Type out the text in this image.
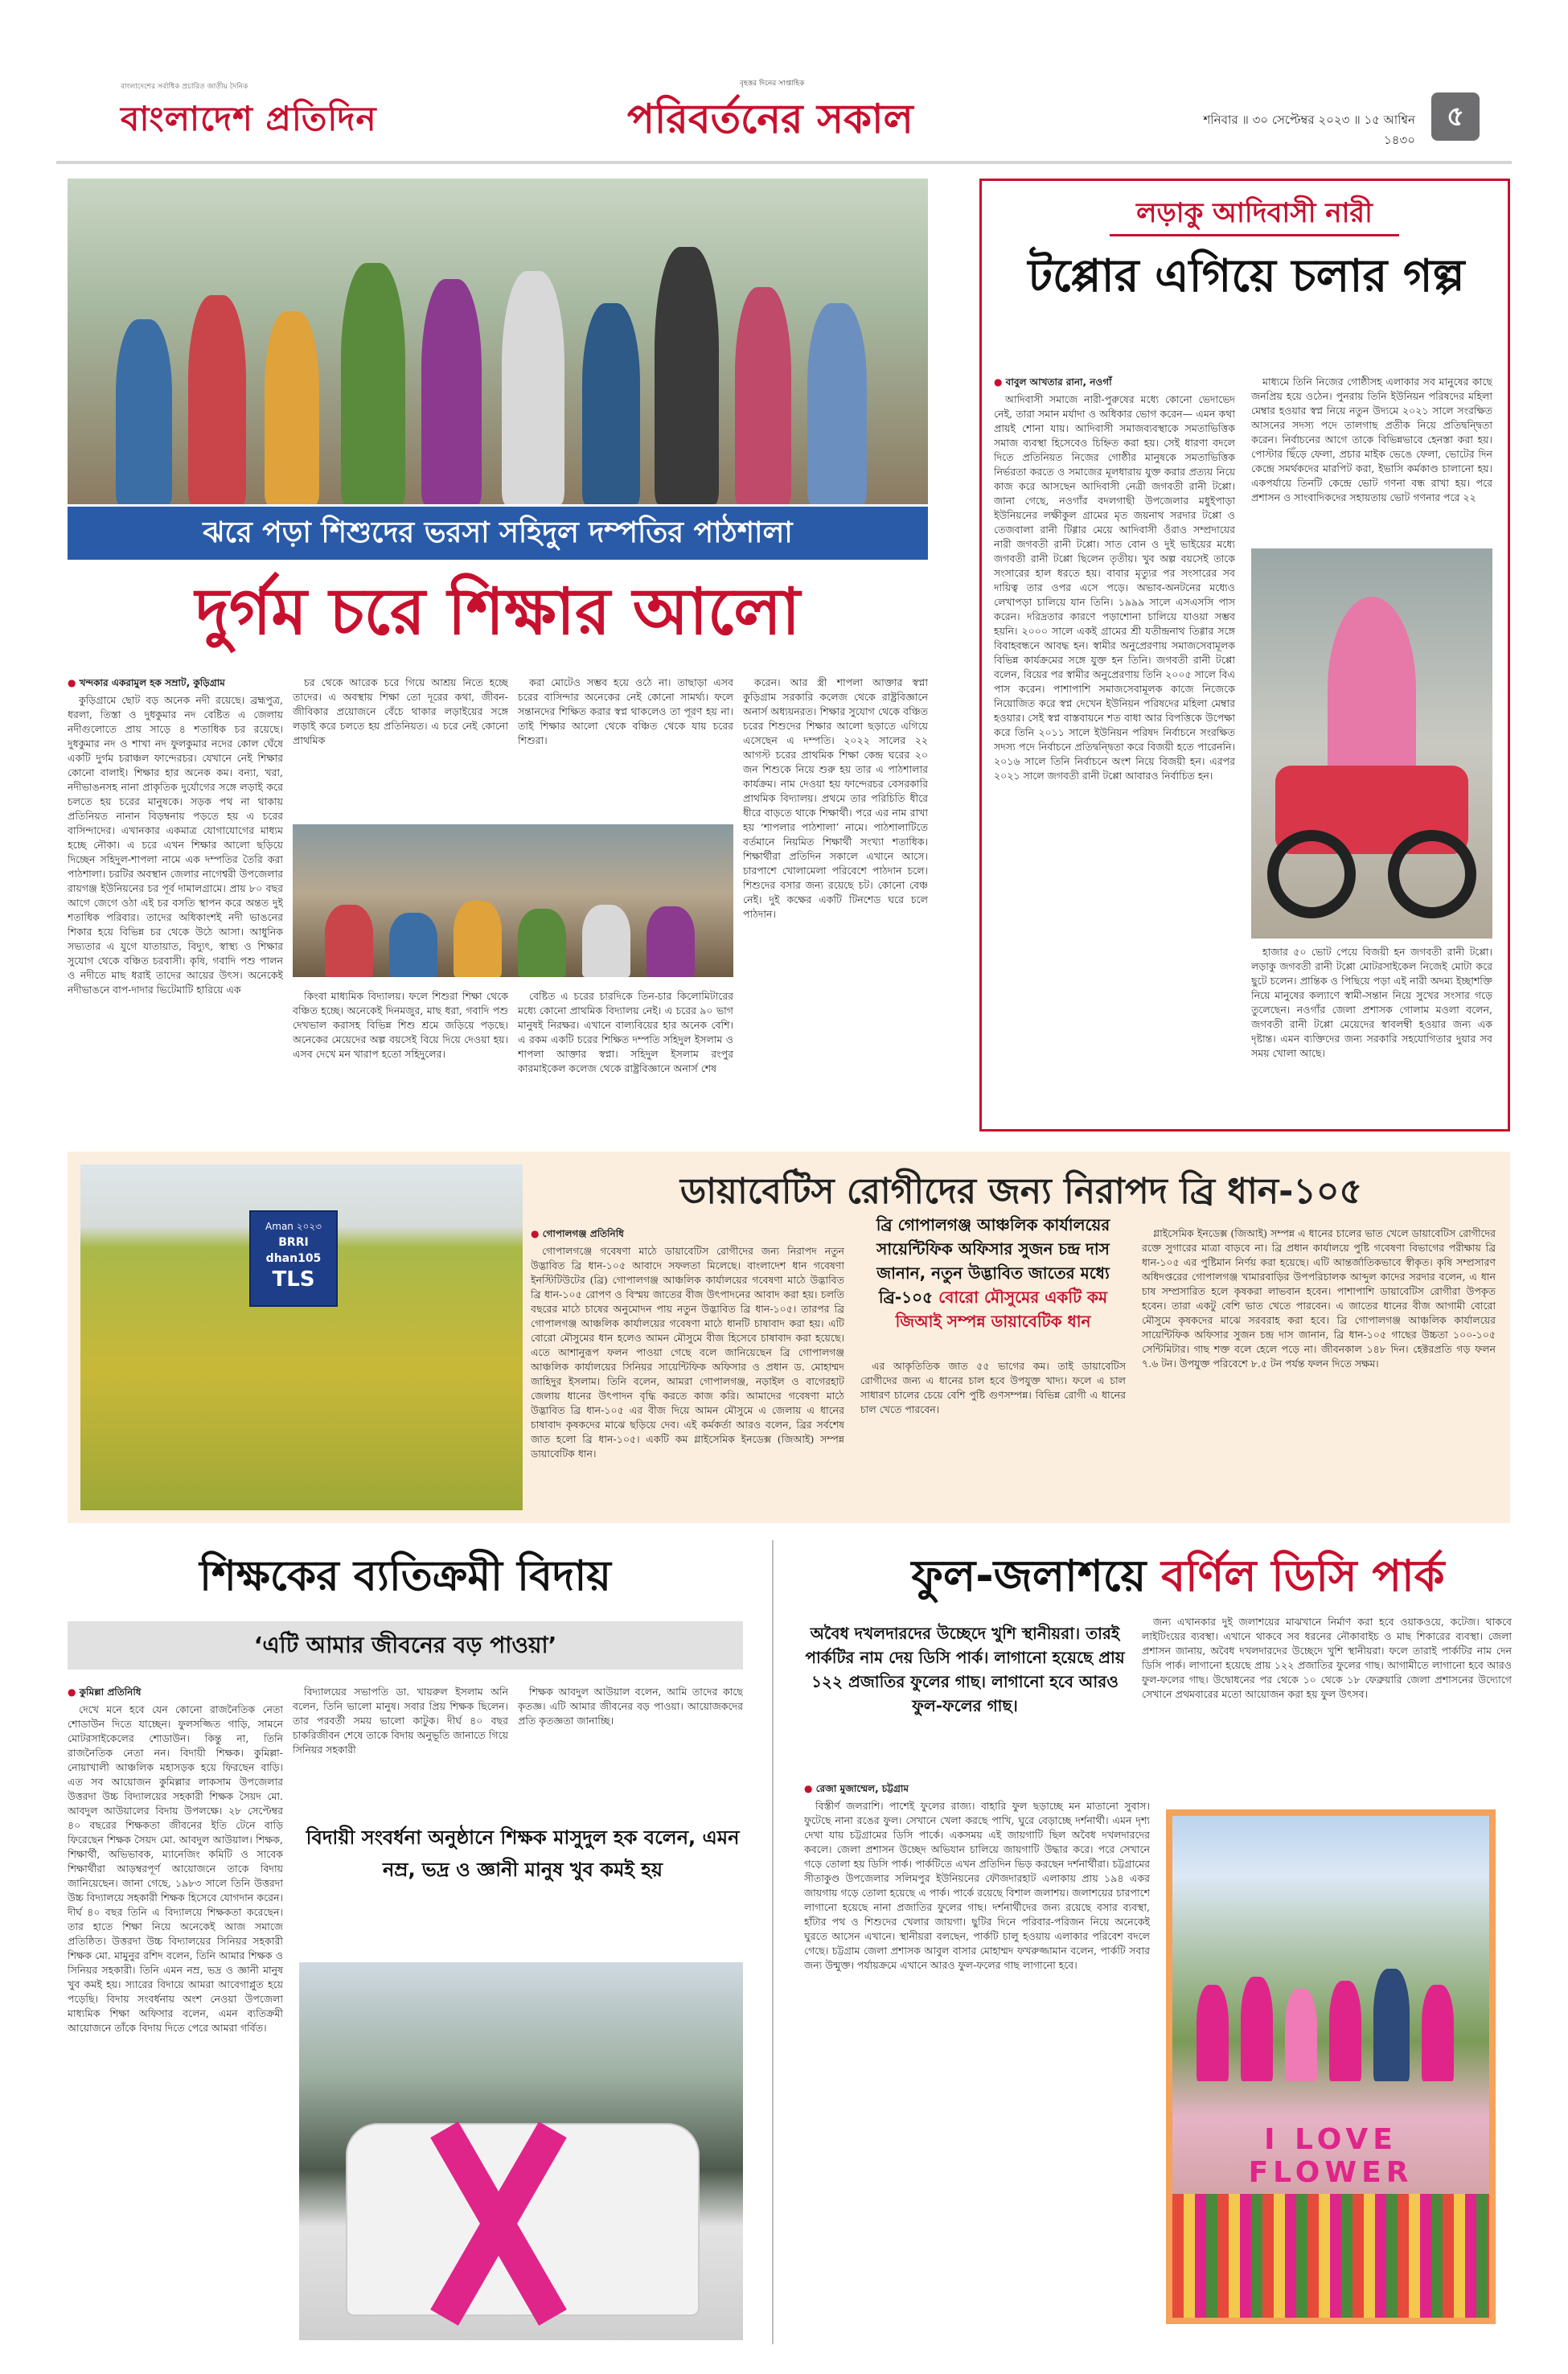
বাংলাদেশের সর্বাধিক প্রচারিত জাতীয় দৈনিক
বাংলাদেশ প্রতিদিন
বৃহত্তর দিনের সাপ্তাহিক
পরিবর্তনের সকাল	শনিবার ॥ ৩০ সেপ্টেম্বর ২০২৩ ॥ ১৫ আশ্বিন ১৪৩০
৫
ঝরে পড়া শিশুদের ভরসা সহিদুল দম্পতির পাঠশালা
দুর্গম চরে শিক্ষার আলো
● খন্দকার একরামুল হক সম্রাট, কুড়িগ্রাম

কুড়িগ্রামে ছোট বড় অনেক নদী রয়েছে। ব্রহ্মপুত্র, ধরলা, তিস্তা ও দুধকুমার নদ বেষ্টিত এ জেলায় নদীগুলোতে প্রায় সাড়ে ৪ শতাধিক চর রয়েছে। দুধকুমার নদ ও শাখা নদ ফুলকুমার নদের কোল ঘেঁষে একটি দুর্গম চরাঞ্চল ফান্দেরচর। যেখানে নেই শিক্ষার কোনো বালাই। শিক্ষার হার অনেক কম। বন্যা, খরা, নদীভাঙনসহ নানা প্রাকৃতিক দুর্যোগের সঙ্গে লড়াই করে চলতে হয় চরের মানুষকে। সড়ক পথ না থাকায় প্রতিনিয়ত নানান বিড়ম্বনায় পড়তে হয় এ চরের বাসিন্দাদের। এখানকার একমাত্র যোগাযোগের মাধ্যম হচ্ছে নৌকা। এ চরে এখন শিক্ষার আলো ছড়িয়ে দিচ্ছেন সহিদুল-শাপলা নামে এক দম্পতির তৈরি করা পাঠশালা। চরটির অবস্থান জেলার নাগেশ্বরী উপজেলার রায়গঞ্জ ইউনিয়নের চর পূর্ব দামালগ্রামে। প্রায় ৮০ বছর আগে জেগে ওঠা এই চর বসতি স্থাপন করে অন্তত দুই শতাধিক পরিবার। তাদের অধিকাংশই নদী ভাঙনের শিকার হয়ে বিভিন্ন চর থেকে উঠে আসা। আধুনিক সভ্যতার এ যুগে যাতায়াত, বিদ্যুৎ, স্বাস্থ্য ও শিক্ষার সুযোগ থেকে বঞ্চিত চরবাসী। কৃষি, গবাদি পশু পালন ও নদীতে মাছ ধরাই তাদের আয়ের উৎস। অনেকেই নদীভাঙনে বাপ-দাদার ভিটেমাটি হারিয়ে এক

চর থেকে আরেক চরে গিয়ে আশ্রয় নিতে হচ্ছে তাদের। এ অবস্থায় শিক্ষা তো দূরের কথা, জীবন-জীবিকার প্রয়োজনে বেঁচে থাকার লড়াইয়ের সঙ্গে লড়াই করে চলতে হয় প্রতিনিয়ত। এ চরে নেই কোনো প্রাথমিক

করা মোটেও সম্ভব হয়ে ওঠে না। তাছাড়া এসব চরের বাসিন্দার অনেকের নেই কোনো সামর্থ্য। ফলে সন্তানদের শিক্ষিত করার স্বপ্ন থাকলেও তা পূরণ হয় না। তাই শিক্ষার আলো থেকে বঞ্চিত থেকে যায় চরের শিশুরা।

করেন। আর স্ত্রী শাপলা আক্তার স্বপ্না কুড়িগ্রাম সরকারি কলেজ থেকে রাষ্ট্রবিজ্ঞানে অনার্স অধ্যয়নরত। শিক্ষার সুযোগ থেকে বঞ্চিত চরের শিশুদের শিক্ষার আলো ছড়াতে এগিয়ে এসেছেন এ দম্পতি। ২০২২ সালের ২২ আগস্ট চরের প্রাথমিক শিক্ষা কেন্দ্র ঘরের ২০ জন শিশুকে নিয়ে শুরু হয় তার এ পাঠশালার কার্যক্রম। নাম দেওয়া হয় ফান্দেরচর বেসরকারি প্রাথমিক বিদ্যালয়। প্রথমে তার পরিচিতি ধীরে ধীরে বাড়তে থাকে শিক্ষার্থী। পরে এর নাম রাখা হয় ‘শাপলার পাঠশালা’ নামে। পাঠশালাটিতে বর্তমানে নিয়মিত শিক্ষার্থী সংখ্যা শতাধিক। শিক্ষার্থীরা প্রতিদিন সকালে এখানে আসে। চারপাশে খোলামেলা পরিবেশে পাঠদান চলে। শিশুদের বসার জন্য রয়েছে চট। কোনো বেঞ্চ নেই। দুই কক্ষের একটি টিনশেড ঘরে চলে পাঠদান।

কিংবা মাধ্যমিক বিদ্যালয়। ফলে শিশুরা শিক্ষা থেকে বঞ্চিত হচ্ছে। অনেকেই দিনমজুর, মাছ ধরা, গবাদি পশু দেখভাল করাসহ বিভিন্ন শিশু শ্রমে জড়িয়ে পড়ছে। অনেকের মেয়েদের অল্প বয়সেই বিয়ে দিয়ে দেওয়া হয়। এসব দেখে মন খারাপ হতো সহিদুলের।

বেষ্টিত এ চরের চারদিকে তিন-চার কিলোমিটারের মধ্যে কোনো প্রাথমিক বিদ্যালয় নেই। এ চরের ৯০ ভাগ মানুষই নিরক্ষর। এখানে বাল্যবিয়ের হার অনেক বেশি। এ রকম একটি চরের শিক্ষিত দম্পতি সহিদুল ইসলাম ও শাপলা আক্তার স্বপ্না। সহিদুল ইসলাম রংপুর কারমাইকেল কলেজ থেকে রাষ্ট্রবিজ্ঞানে অনার্স শেষ

লড়াকু আদিবাসী নারী
টপ্পোর এগিয়ে চলার গল্প
● বাবুল আখতার রানা, নওগাঁ

আদিবাসী সমাজে নারী-পুরুষের মধ্যে কোনো ভেদাভেদ নেই, তারা সমান মর্যাদা ও অধিকার ভোগ করেন— এমন কথা প্রায়ই শোনা যায়। আদিবাসী সমাজব্যবস্থাকে সমতাভিত্তিক সমাজ ব্যবস্থা হিসেবেও চিহ্নিত করা হয়। সেই ধারণা বদলে দিতে প্রতিনিয়ত নিজের গোষ্ঠীর মানুষকে সমতাভিত্তিক নির্ভরতা করতে ও সমাজের মূলধারায় যুক্ত করার প্রত্যয় নিয়ে কাজ করে আসছেন আদিবাসী নেত্রী জগবতী রানী টপ্পো। জানা গেছে, নওগাঁর বদলগাছী উপজেলার মধুইপাড়া ইউনিয়নের লক্ষীকুল গ্রামের মৃত জয়নাথ সরদার টপ্পো ও তেজবালা রানী টিগ্গার মেয়ে আদিবাসী ওঁরাও সম্প্রদায়ের নারী জগবতী রানী টপ্পো। সাত বোন ও দুই ভাইয়ের মধ্যে জগবতী রানী টপ্পো ছিলেন তৃতীয়। খুব অল্প বয়সেই তাকে সংসারের হাল ধরতে হয়। বাবার মৃত্যুর পর সংসারের সব দায়িত্ব তার ওপর এসে পড়ে। অভাব-অনটনের মধ্যেও লেখাপড়া চালিয়ে যান তিনি। ১৯৯৯ সালে এসএসসি পাস করেন। দরিদ্রতার কারণে পড়াশোনা চালিয়ে যাওয়া সম্ভব হয়নি। ২০০০ সালে একই গ্রামের শ্রী যতীন্দ্রনাথ তিগ্গার সঙ্গে বিবাহবন্ধনে আবদ্ধ হন। স্বামীর অনুপ্রেরণায় সমাজসেবামূলক বিভিন্ন কার্যক্রমের সঙ্গে যুক্ত হন তিনি। জগবতী রানী টপ্পো বলেন, বিয়ের পর স্বামীর অনুপ্রেরণায় তিনি ২০০৫ সালে বিএ পাস করেন। পাশাপাশি সমাজসেবামূলক কাজে নিজেকে নিয়োজিত করে স্বপ্ন দেখেন ইউনিয়ন পরিষদের মহিলা মেম্বার হওয়ার। সেই স্বপ্ন বাস্তবায়নে শত বাধা আর বিপত্তিকে উপেক্ষা করে তিনি ২০১১ সালে ইউনিয়ন পরিষদ নির্বাচনে সংরক্ষিত সদস্য পদে নির্বাচনে প্রতিদ্বন্দ্বিতা করে বিজয়ী হতে পারেননি। ২০১৬ সালে তিনি নির্বাচনে অংশ নিয়ে বিজয়ী হন। এরপর ২০২১ সালে জগবতী রানী টপ্পো আবারও নির্বাচিত হন।

মাধ্যমে তিনি নিজের গোষ্ঠীসহ এলাকার সব মানুষের কাছে জনপ্রিয় হয়ে ওঠেন। পুনরায় তিনি ইউনিয়ন পরিষদের মহিলা মেম্বার হওয়ার স্বপ্ন নিয়ে নতুন উদ্যমে ২০২১ সালে সংরক্ষিত আসনের সদস্য পদে তালগাছ প্রতীক নিয়ে প্রতিদ্বন্দ্বিতা করেন। নির্বাচনের আগে তাকে বিভিন্নভাবে হেনস্তা করা হয়। পোস্টার ছিঁড়ে ফেলা, প্রচার মাইক ভেঙে ফেলা, ভোটের দিন কেন্দ্রে সমর্থকদের মারপিট করা, ইভাসি কর্মকাণ্ড চালানো হয়। একপর্যায়ে তিনটি কেন্দ্রে ভোট গণনা বন্ধ রাখা হয়। পরে প্রশাসন ও সাংবাদিকদের সহায়তায় ভোট গণনার পরে ২২

হাজার ৫০ ভোট পেয়ে বিজয়ী হন জগবতী রানী টপ্পো। লড়াকু জগবতী রানী টপ্পো মোটরসাইকেল নিজেই মোটা করে ছুটে চলেন। প্রান্তিক ও পিছিয়ে পড়া এই নারী অদম্য ইচ্ছাশক্তি নিয়ে মানুষের কল্যাণে স্বামী-সন্তান নিয়ে সুখের সংসার গড়ে তুলেছেন। নওগাঁর জেলা প্রশাসক গোলাম মওলা বলেন, জগবতী রানী টপ্পো মেয়েদের স্বাবলম্বী হওয়ার জন্য এক দৃষ্টান্ত। এমন ব্যক্তিদের জন্য সরকারি সহযোগিতার দুয়ার সব সময় খোলা আছে।

Aman ২০২৩
BRRI dhan105
TLS
ডায়াবেটিস রোগীদের জন্য নিরাপদ ব্রি ধান-১০৫
● গোপালগঞ্জ প্রতিনিধি

গোপালগঞ্জে গবেষণা মাঠে ডায়াবেটিস রোগীদের জন্য নিরাপদ নতুন উদ্ভাবিত ব্রি ধান-১০৫ আবাদে সফলতা মিলেছে। বাংলাদেশ ধান গবেষণা ইনস্টিটিউটের (ব্রি) গোপালগঞ্জ আঞ্চলিক কার্যালয়ের গবেষণা মাঠে উদ্ভাবিত ব্রি ধান-১০৫ রোপণ ও বিস্ময় জাতের বীজ উৎপাদনের আবাদ করা হয়। চলতি বছরের মাঠে চাষের অনুমোদন পায় নতুন উদ্ভাবিত ব্রি ধান-১০৫। তারপর ব্রি গোপালগঞ্জ আঞ্চলিক কার্যালয়ের গবেষণা মাঠে ধানটি চাষাবাদ করা হয়। এটি বোরো মৌসুমের ধান হলেও আমন মৌসুমে বীজ হিসেবে চাষাবাদ করা হয়েছে। এতে আশানুরূপ ফলন পাওয়া গেছে বলে জানিয়েছেন ব্রি গোপালগঞ্জ আঞ্চলিক কার্যালয়ের সিনিয়র সায়েন্টিফিক অফিসার ও প্রধান ড. মোহাম্মদ জাহিদুর ইসলাম। তিনি বলেন, আমরা গোপালগঞ্জ, নড়াইল ও বাগেরহাট জেলায় ধানের উৎপাদন বৃদ্ধি করতে কাজ করি। আমাদের গবেষণা মাঠে উদ্ভাবিত ব্রি ধান-১০৫ এর বীজ দিয়ে আমন মৌসুমে এ জেলায় এ ধানের চাষাবাদ কৃষকদের মাঝে ছড়িয়ে দেব। এই কর্মকর্তা আরও বলেন, ব্রির সর্বশেষ জাত হলো ব্রি ধান-১০৫। একটি কম গ্লাইসেমিক ইনডেক্স (জিআই) সম্পন্ন ডায়াবেটিক ধান।

ব্রি গোপালগঞ্জ আঞ্চলিক কার্যালয়ের সায়েন্টিফিক অফিসার সুজন চন্দ্র দাস জানান, নতুন উদ্ভাবিত জাতের মধ্যে ব্রি-১০৫ বোরো মৌসুমের একটি কম জিআই সম্পন্ন ডায়াবেটিক ধান

এর আকৃতিতিক জাত ৫৫ ভাগের কম। তাই ডায়াবেটিস রোগীদের জন্য এ ধানের চাল হবে উপযুক্ত খাদ্য। ফলে এ চাল সাধারণ চালের চেয়ে বেশি পুষ্টি গুণসম্পন্ন। বিভিন্ন রোগী এ ধানের চাল খেতে পারবেন।

গ্লাইসেমিক ইনডেক্স (জিআই) সম্পন্ন এ ধানের চালের ভাত খেলে ডায়াবেটিস রোগীদের রক্তে সুগারের মাত্রা বাড়বে না। ব্রি প্রধান কার্যালয়ে পুষ্টি গবেষণা বিভাগের পরীক্ষায় ব্রি ধান-১০৫ এর পুষ্টিমান নির্ণয় করা হয়েছে। এটি আন্তর্জাতিকভাবে স্বীকৃত। কৃষি সম্প্রসারণ অধিদপ্তরের গোপালগঞ্জ খামারবাড়ির উপপরিচালক আব্দুল কাদের সরদার বলেন, এ ধান চাষ সম্প্রসারিত হলে কৃষকরা লাভবান হবেন। পাশাপাশি ডায়াবেটিস রোগীরা উপকৃত হবেন। তারা একটু বেশি ভাত খেতে পারবেন। এ জাতের ধানের বীজ আগামী বোরো মৌসুমে কৃষকদের মাঝে সরবরাহ করা হবে। ব্রি গোপালগঞ্জ আঞ্চলিক কার্যালয়ের সায়েন্টিফিক অফিসার সুজন চন্দ্র দাস জানান, ব্রি ধান-১০৫ গাছের উচ্চতা ১০০-১০৫ সেন্টিমিটার। গাছ শক্ত বলে হেলে পড়ে না। জীবনকাল ১৪৮ দিন। হেক্টরপ্রতি গড় ফলন ৭.৬ টন। উপযুক্ত পরিবেশে ৮.৫ টন পর্যন্ত ফলন দিতে সক্ষম।

শিক্ষকের ব্যতিক্রমী বিদায়
‘এটি আমার জীবনের বড় পাওয়া’
● কুমিল্লা প্রতিনিধি

দেখে মনে হবে যেন কোনো রাজনৈতিক নেতা শোডাউন দিতে যাচ্ছেন। ফুলসজ্জিত গাড়ি, সামনে মোটরসাইকেলের শোডাউন। কিন্তু না, তিনি রাজনৈতিক নেতা নন। বিদায়ী শিক্ষক। কুমিল্লা-নোয়াখালী আঞ্চলিক মহাসড়ক হয়ে ফিরছেন বাড়ি। এত সব আয়োজন কুমিল্লার লাকসাম উপজেলার উত্তরদা উচ্চ বিদ্যালয়ের সহকারী শিক্ষক সৈয়দ মো. আবদুল আউয়ালের বিদায় উপলক্ষে। ২৮ সেপ্টেম্বর ৪০ বছরের শিক্ষকতা জীবনের ইতি টেনে বাড়ি ফিরেছেন শিক্ষক সৈয়দ মো. আবদুল আউয়াল। শিক্ষক, শিক্ষার্থী, অভিভাবক, ম্যানেজিং কমিটি ও সাবেক শিক্ষার্থীরা আড়ম্বরপূর্ণ আয়োজনে তাকে বিদায় জানিয়েছেন। জানা গেছে, ১৯৮৩ সালে তিনি উত্তরদা উচ্চ বিদ্যালয়ে সহকারী শিক্ষক হিসেবে যোগদান করেন। দীর্ঘ ৪০ বছর তিনি এ বিদ্যালয়ে শিক্ষকতা করেছেন। তার হাতে শিক্ষা নিয়ে অনেকেই আজ সমাজে প্রতিষ্ঠিত। উত্তরদা উচ্চ বিদ্যালয়ের সিনিয়র সহকারী শিক্ষক মো. মামুনুর রশিদ বলেন, তিনি আমার শিক্ষক ও সিনিয়র সহকারী। তিনি এমন নম্র, ভদ্র ও জ্ঞানী মানুষ খুব কমই হয়। স্যারের বিদায়ে আমরা আবেগাপ্লুত হয়ে পড়েছি। বিদায় সংবর্ধনায় অংশ নেওয়া উপজেলা মাধ্যমিক শিক্ষা অফিসার বলেন, এমন ব্যতিক্রমী আয়োজনে তাঁকে বিদায় দিতে পেরে আমরা গর্বিত।

বিদ্যালয়ের সভাপতি ডা. খায়রুল ইসলাম অনি বলেন, তিনি ভালো মানুষ। সবার প্রিয় শিক্ষক ছিলেন। তার পরবর্তী সময় ভালো কাটুক। দীর্ঘ ৪০ বছর চাকরিজীবন শেষে তাকে বিদায় অনুভূতি জানাতে গিয়ে সিনিয়র সহকারী

শিক্ষক আবদুল আউয়াল বলেন, আমি তাদের কাছে কৃতজ্ঞ। এটি আমার জীবনের বড় পাওয়া। আয়োজকদের প্রতি কৃতজ্ঞতা জানাচ্ছি।

বিদায়ী সংবর্ধনা অনুষ্ঠানে শিক্ষক মাসুদুল হক বলেন, এমন নম্র, ভদ্র ও জ্ঞানী মানুষ খুব কমই হয়
ফুল-জলাশয়ে বর্ণিল ডিসি পার্ক
অবৈধ দখলদারদের উচ্ছেদে খুশি স্থানীয়রা। তারই পার্কটির নাম দেয় ডিসি পার্ক। লাগানো হয়েছে প্রায় ১২২ প্রজাতির ফুলের গাছ। লাগানো হবে আরও ফুল-ফলের গাছ।

জন্য এখানকার দুই জলাশয়ের মাঝখানে নির্মাণ করা হবে ওয়াকওয়ে, কটেজ। থাকবে লাইটিংয়ের ব্যবস্থা। এখানে থাকবে সব ধরনের নৌকাবাইচ ও মাছ শিকারের ব্যবস্থা। জেলা প্রশাসন জানায়, অবৈধ দখলদারদের উচ্ছেদে খুশি স্থানীয়রা। ফলে তারাই পার্কটির নাম দেন ডিসি পার্ক। লাগানো হয়েছে প্রায় ১২২ প্রজাতির ফুলের গাছ। আগামীতে লাগানো হবে আরও ফুল-ফলের গাছ। উদ্বোধনের পর থেকে ১০ থেকে ১৮ ফেব্রুয়ারি জেলা প্রশাসনের উদ্যোগে সেখানে প্রথমবারের মতো আয়োজন করা হয় ফুল উৎসব।

● রেজা মুজাম্মেল, চট্টগ্রাম

বিস্তীর্ণ জলরাশি। পাশেই ফুলের রাজ্য। বাহারি ফুল ছড়াচ্ছে মন মাতানো সুবাস। ফুটেছে নানা রঙের ফুল। সেখানে খেলা করছে পাখি, ঘুরে বেড়াচ্ছে দর্শনার্থী। এমন দৃশ্য দেখা যায় চট্টগ্রামের ডিসি পার্কে। একসময় এই জায়গাটি ছিল অবৈধ দখলদারদের কবলে। জেলা প্রশাসন উচ্ছেদ অভিযান চালিয়ে জায়গাটি উদ্ধার করে। পরে সেখানে গড়ে তোলা হয় ডিসি পার্ক। পার্কটিতে এখন প্রতিদিন ভিড় করছেন দর্শনার্থীরা। চট্টগ্রামের সীতাকুণ্ড উপজেলার সলিমপুর ইউনিয়নের ফৌজদারহাট এলাকায় প্রায় ১৯৪ একর জায়গায় গড়ে তোলা হয়েছে এ পার্ক। পার্কে রয়েছে বিশাল জলাশয়। জলাশয়ের চারপাশে লাগানো হয়েছে নানা প্রজাতির ফুলের গাছ। দর্শনার্থীদের জন্য রয়েছে বসার ব্যবস্থা, হাঁটার পথ ও শিশুদের খেলার জায়গা। ছুটির দিনে পরিবার-পরিজন নিয়ে অনেকেই ঘুরতে আসেন এখানে। স্থানীয়রা বলছেন, পার্কটি চালু হওয়ায় এলাকার পরিবেশ বদলে গেছে। চট্টগ্রাম জেলা প্রশাসক আবুল বাসার মোহাম্মদ ফখরুজ্জামান বলেন, পার্কটি সবার জন্য উন্মুক্ত। পর্যায়ক্রমে এখানে আরও ফুল-ফলের গাছ লাগানো হবে।

I LOVE FLOWER
